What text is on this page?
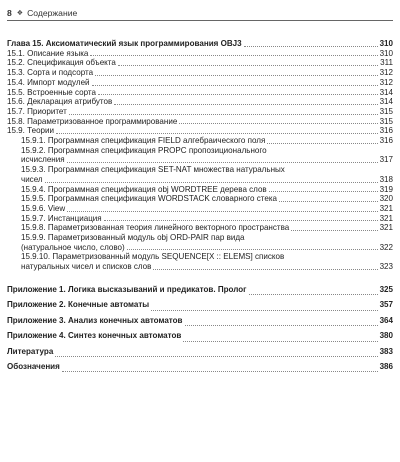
8 ❖ Содержание
Глава 15. Аксиоматический язык программирования OBJ3	310
15.1. Описание языка	310
15.2. Спецификация объекта	311
15.3. Сорта и подсорта	312
15.4. Импорт модулей	312
15.5. Встроенные сорта	314
15.6. Декларация атрибутов	314
15.7. Приоритет	315
15.8. Параметризованное программирование	315
15.9. Теории	316
15.9.1. Программная спецификация FIELD алгебраического поля	316
15.9.2. Программная спецификация PROPC пропозиционального
исчисления	317
15.9.3. Программная спецификация SET-NAT множества натуральных
чисел	318
15.9.4. Программная спецификация obj WORDTREE дерева слов	319
15.9.5. Программная спецификация WORDSTACK словарного стека	320
15.9.6. View	321
15.9.7. Инстанциация	321
15.9.8. Параметризованная теория линейного векторного пространства	321
15.9.9. Параметризованный модуль obj ORD-PAIR пар вида
(натуральное число, слово)	322
15.9.10. Параметризованный модуль SEQUENCE[X :: ELEMS] списков
натуральных чисел и списков слов	323
Приложение 1. Логика высказываний и предикатов. Пролог	325
Приложение 2. Конечные автоматы	357
Приложение 3. Анализ конечных автоматов	364
Приложение 4. Синтез конечных автоматов	380
Литература	383
Обозначения	386
